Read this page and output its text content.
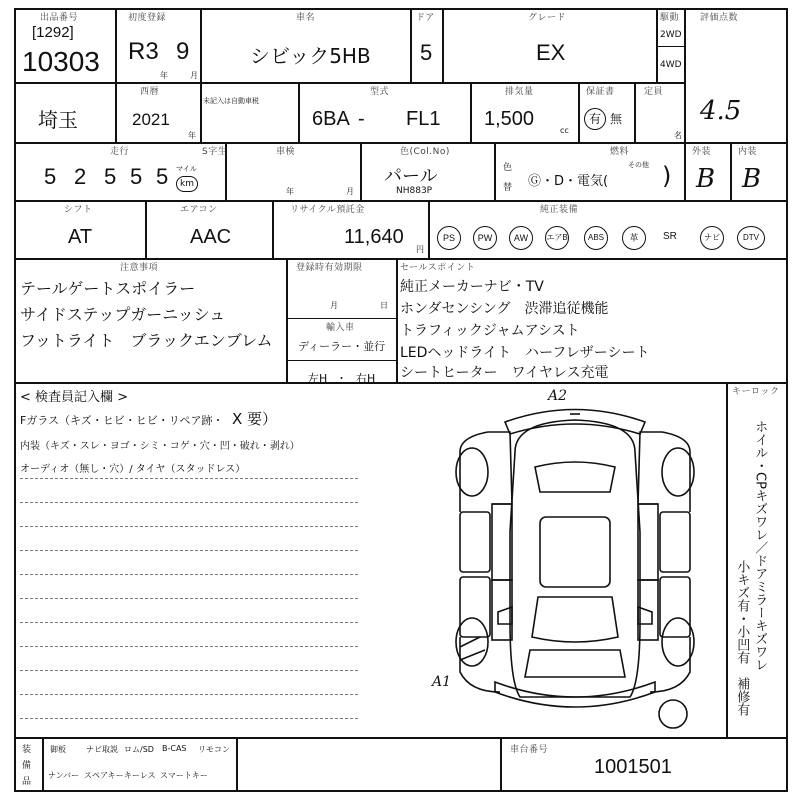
出品番号
[1292]
10303
初度登録
R3 9
年	月
車名
シビック5HB
ドア
5
グレード
EX
駆動
2WD
4WD
評価点数
埼玉
西暦
2021
年
未記入は自動車税
型式
6BA - FL1
排気量
1,500
cc
保証書
有 無
定員
名
4.5
走行	S字生
5 2 5 5 5 マイル
km
車検
年	月
色(Col.No)
パール
NH883P
色
替
燃料
Ⓖ・D・電気(
その他 )
外装
B
内装
B
シフト
AT
エアコン
AAC
リサイクル預託金
11,640
円
純正装備
PS	PW	AW	エアB	ABS	革	SR	ナビ	DTV
注意事項
テールゲートスポイラー
サイドステップガーニッシュ
フットライト　ブラックエンブレム
登録時有効期限
月	日
輸入車
ディーラー・並行
左H ・ 右H
セールスポイント
純正メーカーナビ・TV
ホンダセンシング　渋滞追従機能
トラフィックジャムアシスト
LEDヘッドライト　ハーフレザーシート
シートヒーター　ワイヤレス充電
< 検査員記入欄 >
Fガラス（キズ・ヒビ・ヒビ・リペア跡・ X 要）
内装（キズ・スレ・ヨゴ・シミ・コゲ・穴・凹・破れ・剥れ）
オーディオ（無し・穴）/ タイヤ（スタッドレス）
A2
A1
キーロック
ホイル・CPキズワレ／ドアミラーキズワレ
小キズ有・小凹有　補修有
装
備
品
御板	ナビ取説 ロム/SD B-CAS リモコン
ナンバー スペアキー キーレス スマートキー
車台番号
1001501
